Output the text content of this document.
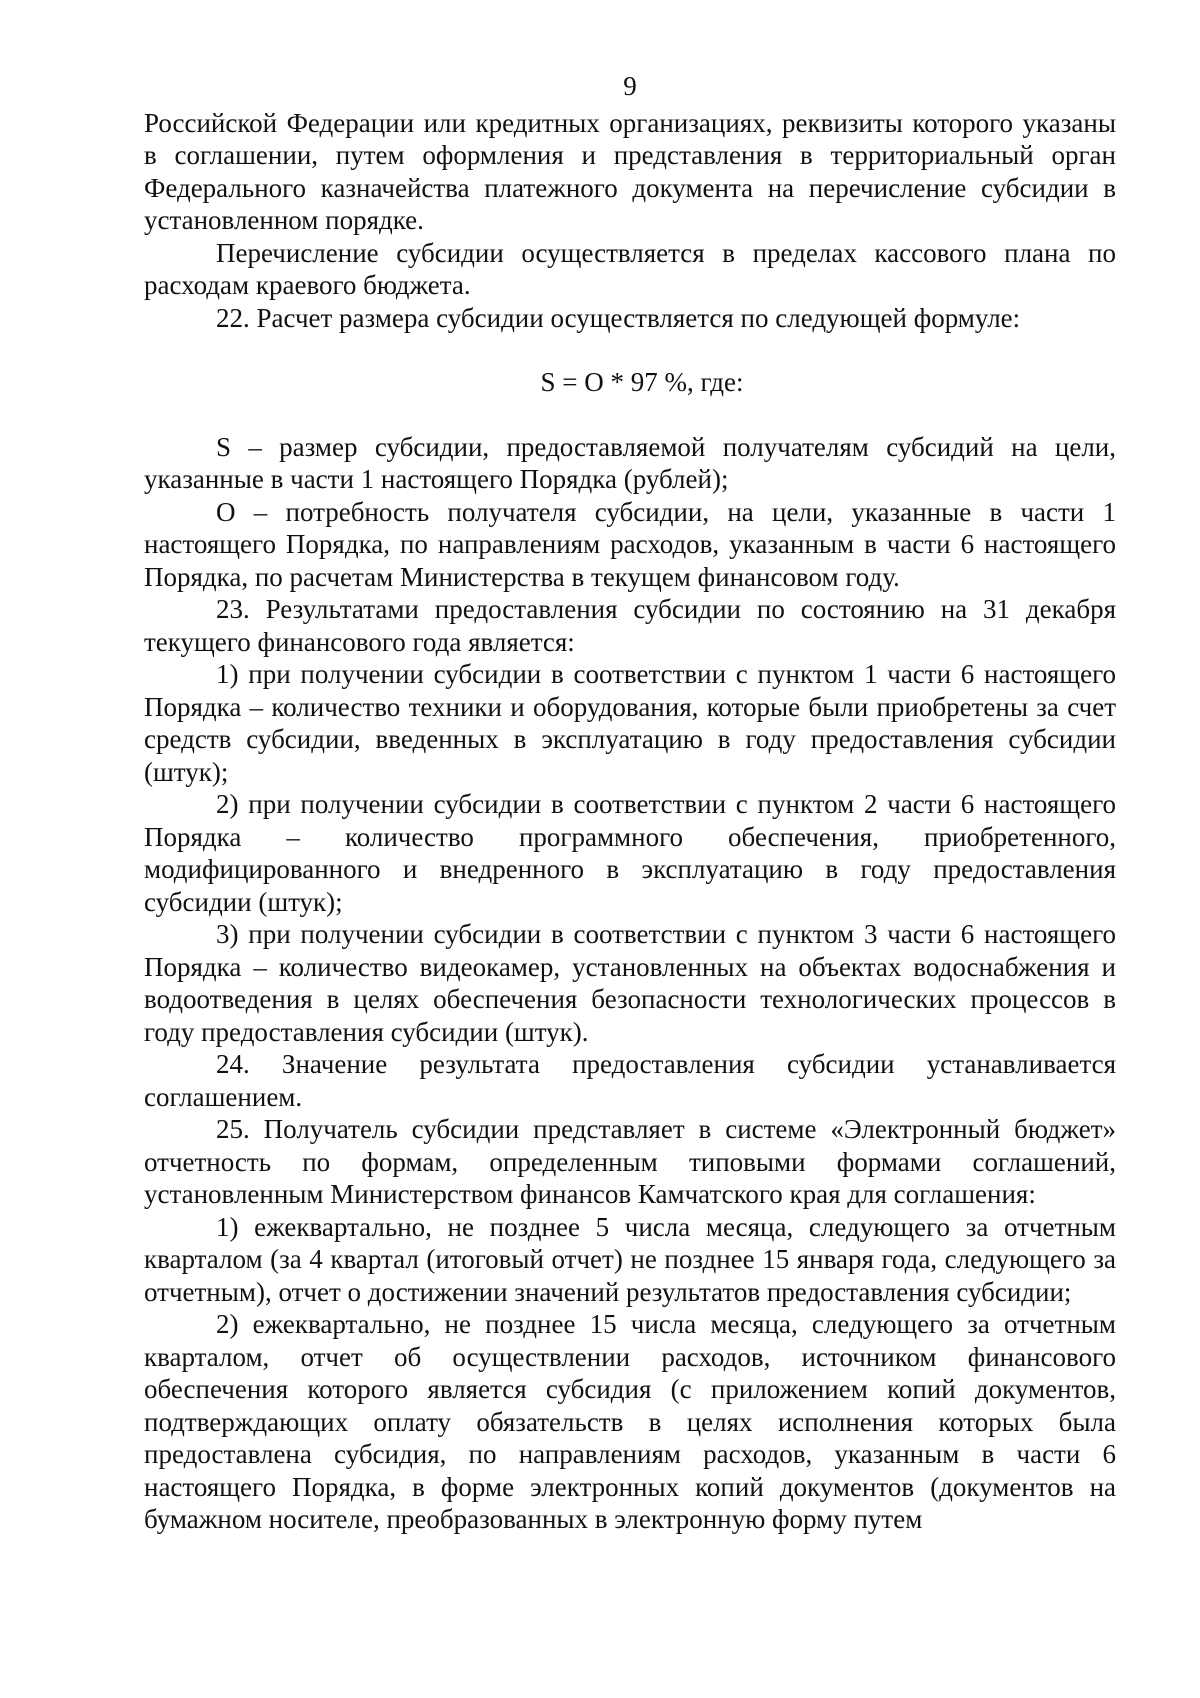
9

Российской Федерации или кредитных организациях, реквизиты которого указаны в соглашении, путем оформления и представления в территориальный орган Федерального казначейства платежного документа на перечисление субсидии в установленном порядке.

Перечисление субсидии осуществляется в пределах кассового плана по расходам краевого бюджета.

22. Расчет размера субсидии осуществляется по следующей формуле:

S = O * 97 %, где:

S – размер субсидии, предоставляемой получателям субсидий на цели, указанные в части 1 настоящего Порядка (рублей);

O – потребность получателя субсидии, на цели, указанные в части 1 настоящего Порядка, по направлениям расходов, указанным в части 6 настоящего Порядка, по расчетам Министерства в текущем финансовом году.

23. Результатами предоставления субсидии по состоянию на 31 декабря текущего финансового года является:

1) при получении субсидии в соответствии с пунктом 1 части 6 настоящего Порядка – количество техники и оборудования, которые были приобретены за счет средств субсидии, введенных в эксплуатацию в году предоставления субсидии (штук);

2) при получении субсидии в соответствии с пунктом 2 части 6 настоящего Порядка – количество программного обеспечения, приобретенного, модифицированного и внедренного в эксплуатацию в году предоставления субсидии (штук);

3) при получении субсидии в соответствии с пунктом 3 части 6 настоящего Порядка – количество видеокамер, установленных на объектах водоснабжения и водоотведения в целях обеспечения безопасности технологических процессов в году предоставления субсидии (штук).

24. Значение результата предоставления субсидии устанавливается соглашением.

25. Получатель субсидии представляет в системе «Электронный бюджет» отчетность по формам, определенным типовыми формами соглашений, установленным Министерством финансов Камчатского края для соглашения:

1) ежеквартально, не позднее 5 числа месяца, следующего за отчетным кварталом (за 4 квартал (итоговый отчет) не позднее 15 января года, следующего за отчетным), отчет о достижении значений результатов предоставления субсидии;

2) ежеквартально, не позднее 15 числа месяца, следующего за отчетным кварталом, отчет об осуществлении расходов, источником финансового обеспечения которого является субсидия (с приложением копий документов, подтверждающих оплату обязательств в целях исполнения которых была предоставлена субсидия, по направлениям расходов, указанным в части 6 настоящего Порядка, в форме электронных копий документов (документов на бумажном носителе, преобразованных в электронную форму путем
